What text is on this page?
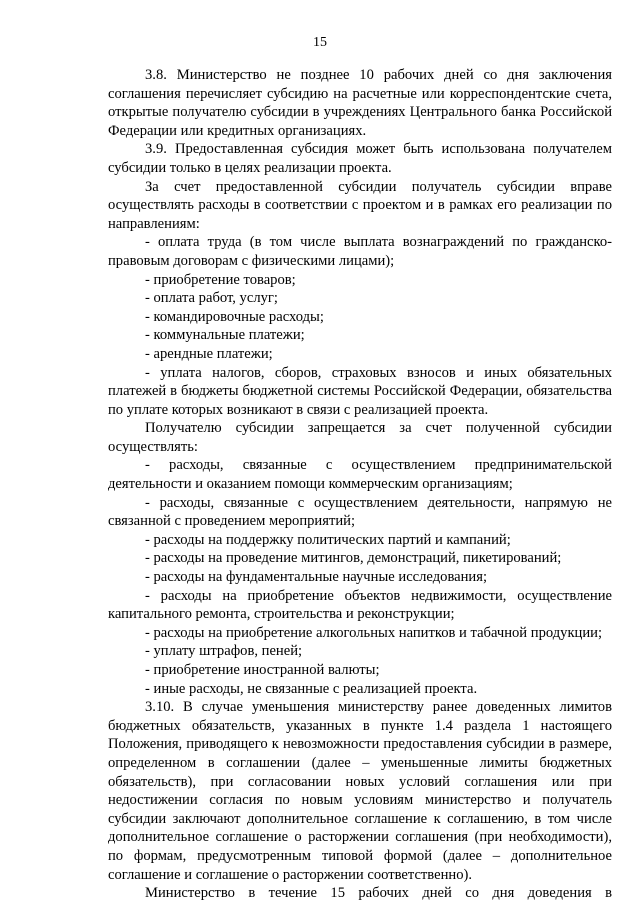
15

3.8. Министерство не позднее 10 рабочих дней со дня заключения соглашения перечисляет субсидию на расчетные или корреспондентские счета, открытые получателю субсидии в учреждениях Центрального банка Российской Федерации или кредитных организациях.

3.9. Предоставленная субсидия может быть использована получателем субсидии только в целях реализации проекта.

За счет предоставленной субсидии получатель субсидии вправе осуществлять расходы в соответствии с проектом и в рамках его реализации по направлениям:

- оплата труда (в том числе выплата вознаграждений по гражданско-правовым договорам с физическими лицами);

- приобретение товаров;

- оплата работ, услуг;

- командировочные расходы;

- коммунальные платежи;

- арендные платежи;

- уплата налогов, сборов, страховых взносов и иных обязательных платежей в бюджеты бюджетной системы Российской Федерации, обязательства по уплате которых возникают в связи с реализацией проекта.

Получателю субсидии запрещается за счет полученной субсидии осуществлять:

- расходы, связанные с осуществлением предпринимательской деятельности и оказанием помощи коммерческим организациям;

- расходы, связанные с осуществлением деятельности, напрямую не связанной с проведением мероприятий;

- расходы на поддержку политических партий и кампаний;

- расходы на проведение митингов, демонстраций, пикетирований;

- расходы на фундаментальные научные исследования;

- расходы на приобретение объектов недвижимости, осуществление капитального ремонта, строительства и реконструкции;

- расходы на приобретение алкогольных напитков и табачной продукции;

- уплату штрафов, пеней;

- приобретение иностранной валюты;

- иные расходы, не связанные с реализацией проекта.

3.10. В случае уменьшения министерству ранее доведенных лимитов бюджетных обязательств, указанных в пункте 1.4 раздела 1 настоящего Положения, приводящего к невозможности предоставления субсидии в размере, определенном в соглашении (далее – уменьшенные лимиты бюджетных обязательств), при согласовании новых условий соглашения или при недостижении согласия по новым условиям министерство и получатель субсидии заключают дополнительное соглашение к соглашению, в том числе дополнительное соглашение о расторжении соглашения (при необходимости), по формам, предусмотренным типовой формой (далее – дополнительное соглашение и соглашение о расторжении соответственно).

Министерство в течение 15 рабочих дней со дня доведения в
